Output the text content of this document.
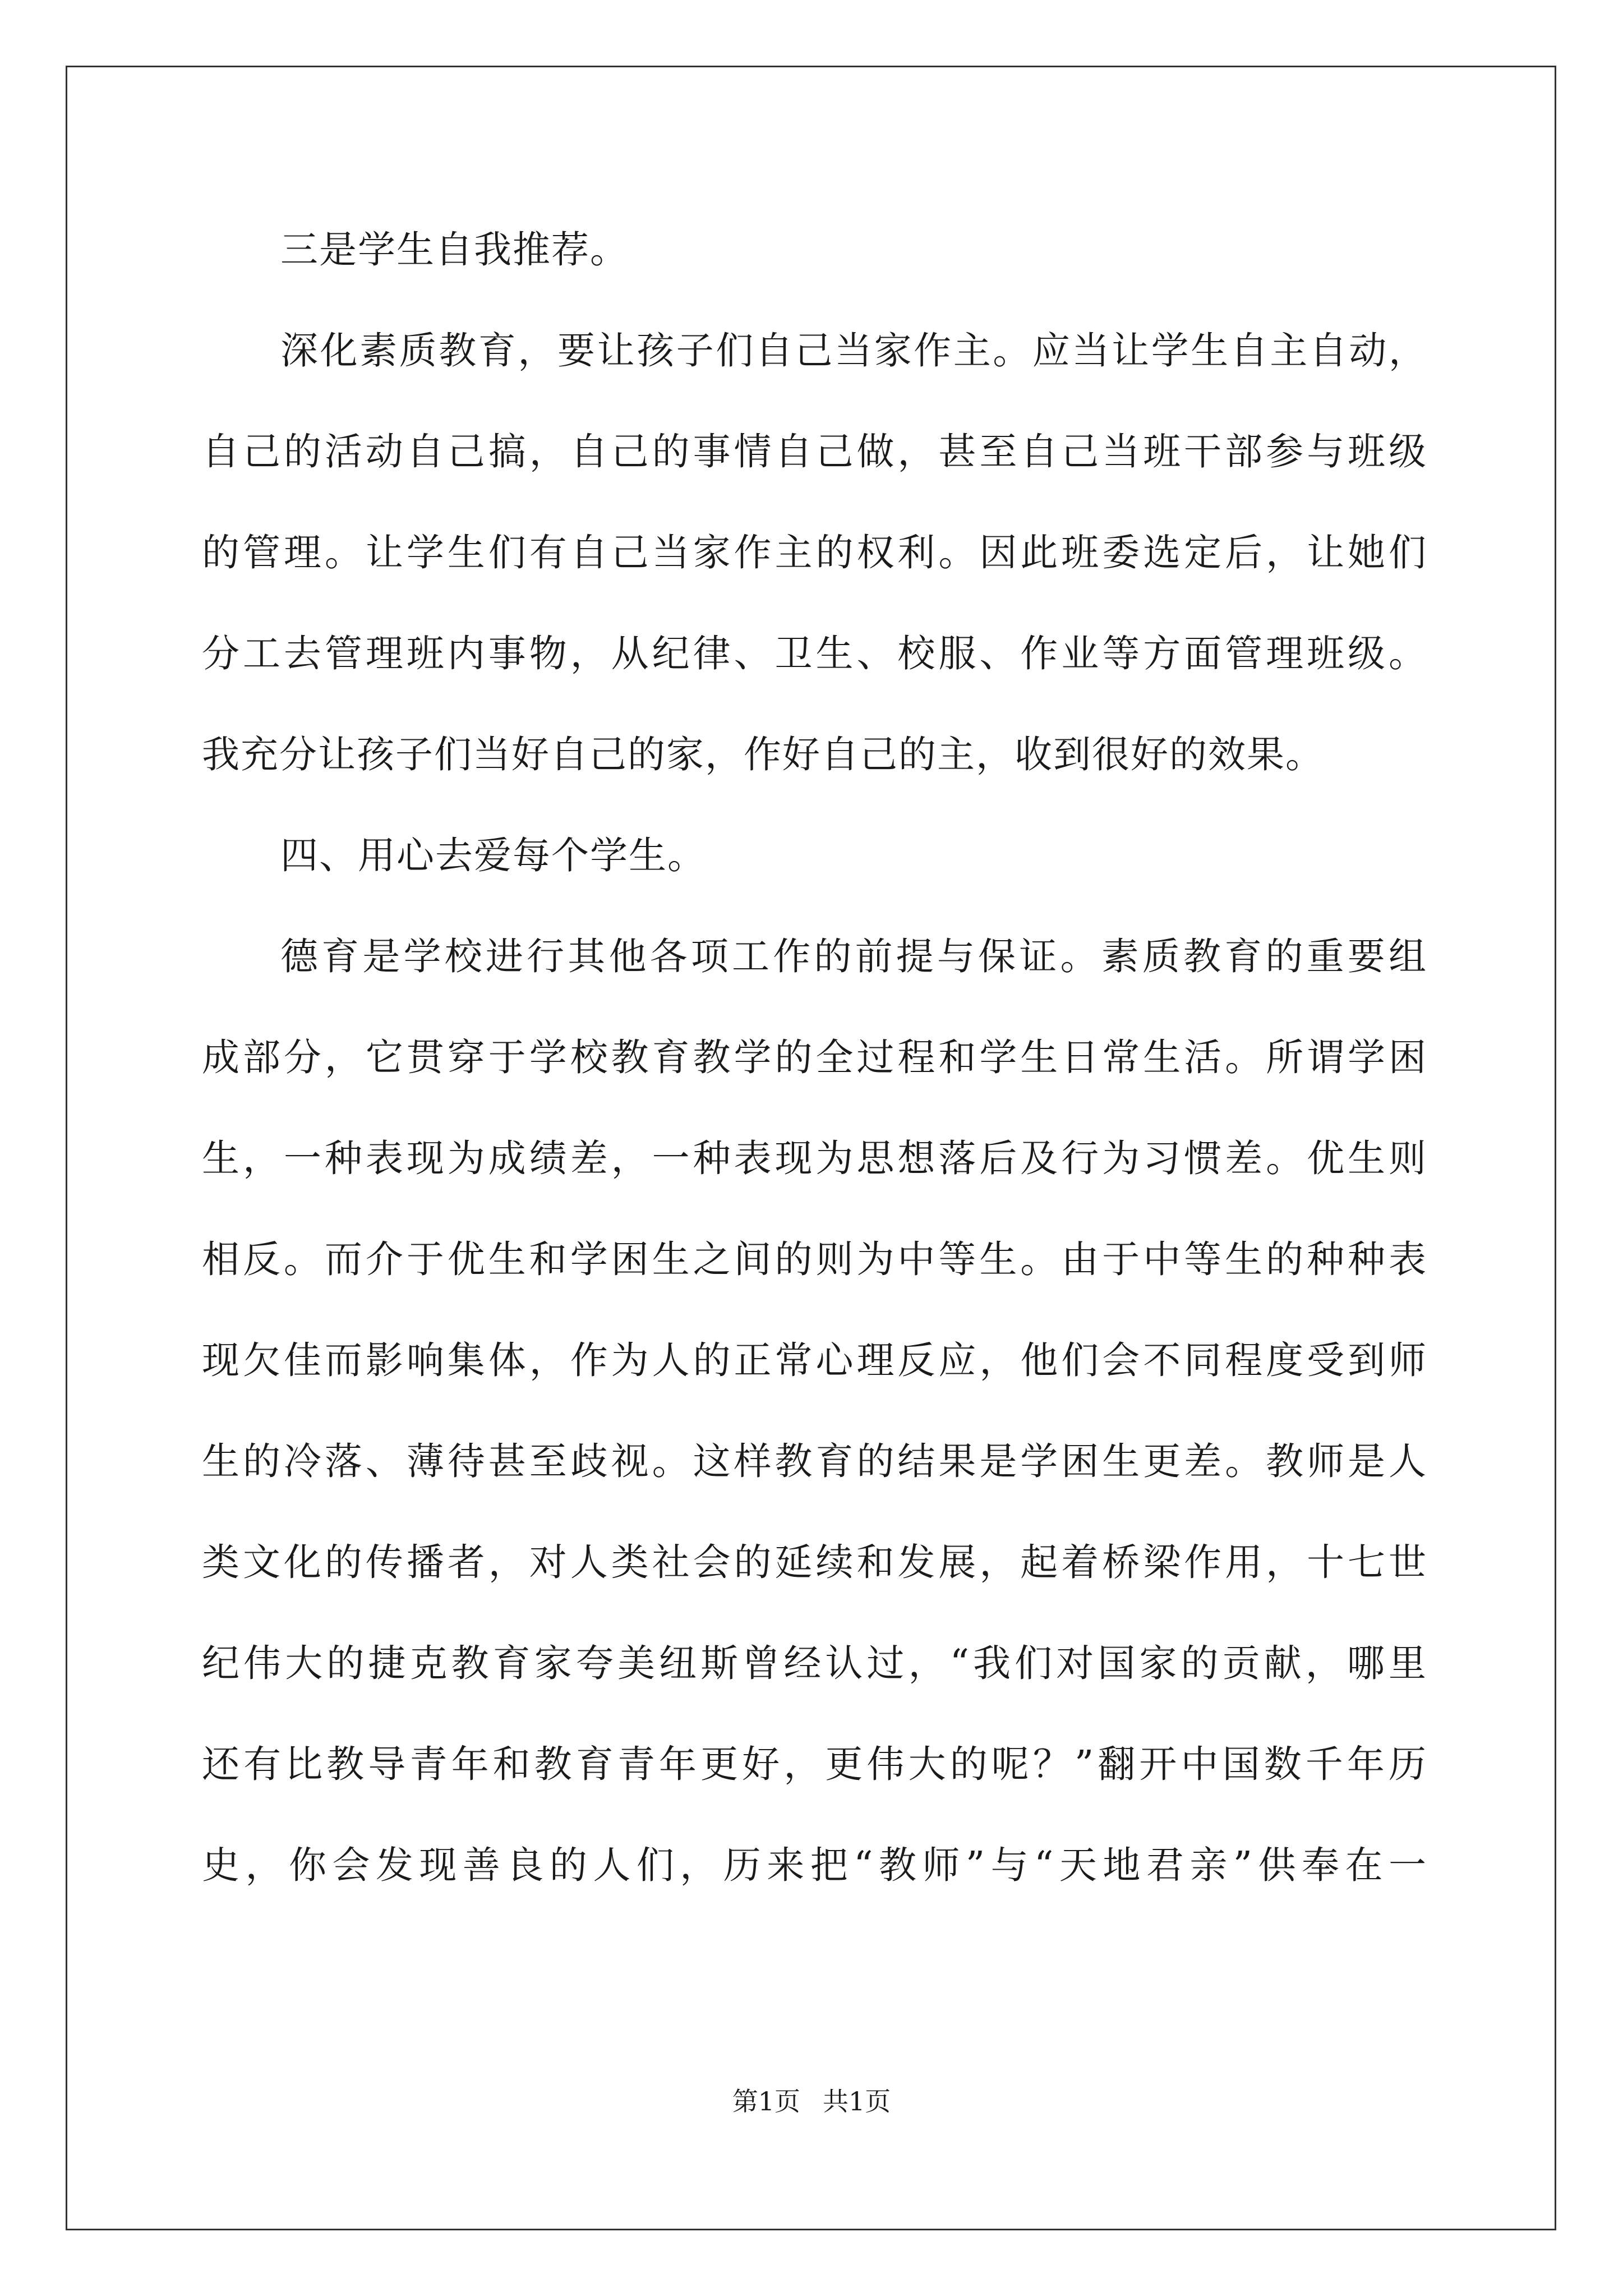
三是学生自我推荐。
深化素质教育，要让孩子们自己当家作主。应当让学生自主自动，
自己的活动自己搞，自己的事情自己做，甚至自己当班干部参与班级
的管理。让学生们有自己当家作主的权利。因此班委选定后，让她们
分工去管理班内事物，从纪律、卫生、校服、作业等方面管理班级。
我充分让孩子们当好自己的家，作好自己的主，收到很好的效果。
四、用心去爱每个学生。
德育是学校进行其他各项工作的前提与保证。素质教育的重要组
成部分，它贯穿于学校教育教学的全过程和学生日常生活。所谓学困
生，一种表现为成绩差，一种表现为思想落后及行为习惯差。优生则
相反。而介于优生和学困生之间的则为中等生。由于中等生的种种表
现欠佳而影响集体，作为人的正常心理反应，他们会不同程度受到师
生的冷落、薄待甚至歧视。这样教育的结果是学困生更差。教师是人
类文化的传播者，对人类社会的延续和发展，起着桥梁作用，十七世
纪伟大的捷克教育家夸美纽斯曾经认过，“我们对国家的贡献，哪里
还有比教导青年和教育青年更好，更伟大的呢？”翻开中国数千年历
史，你会发现善良的人们，历来把“教师”与“天地君亲”供奉在一
第1页 共1页
